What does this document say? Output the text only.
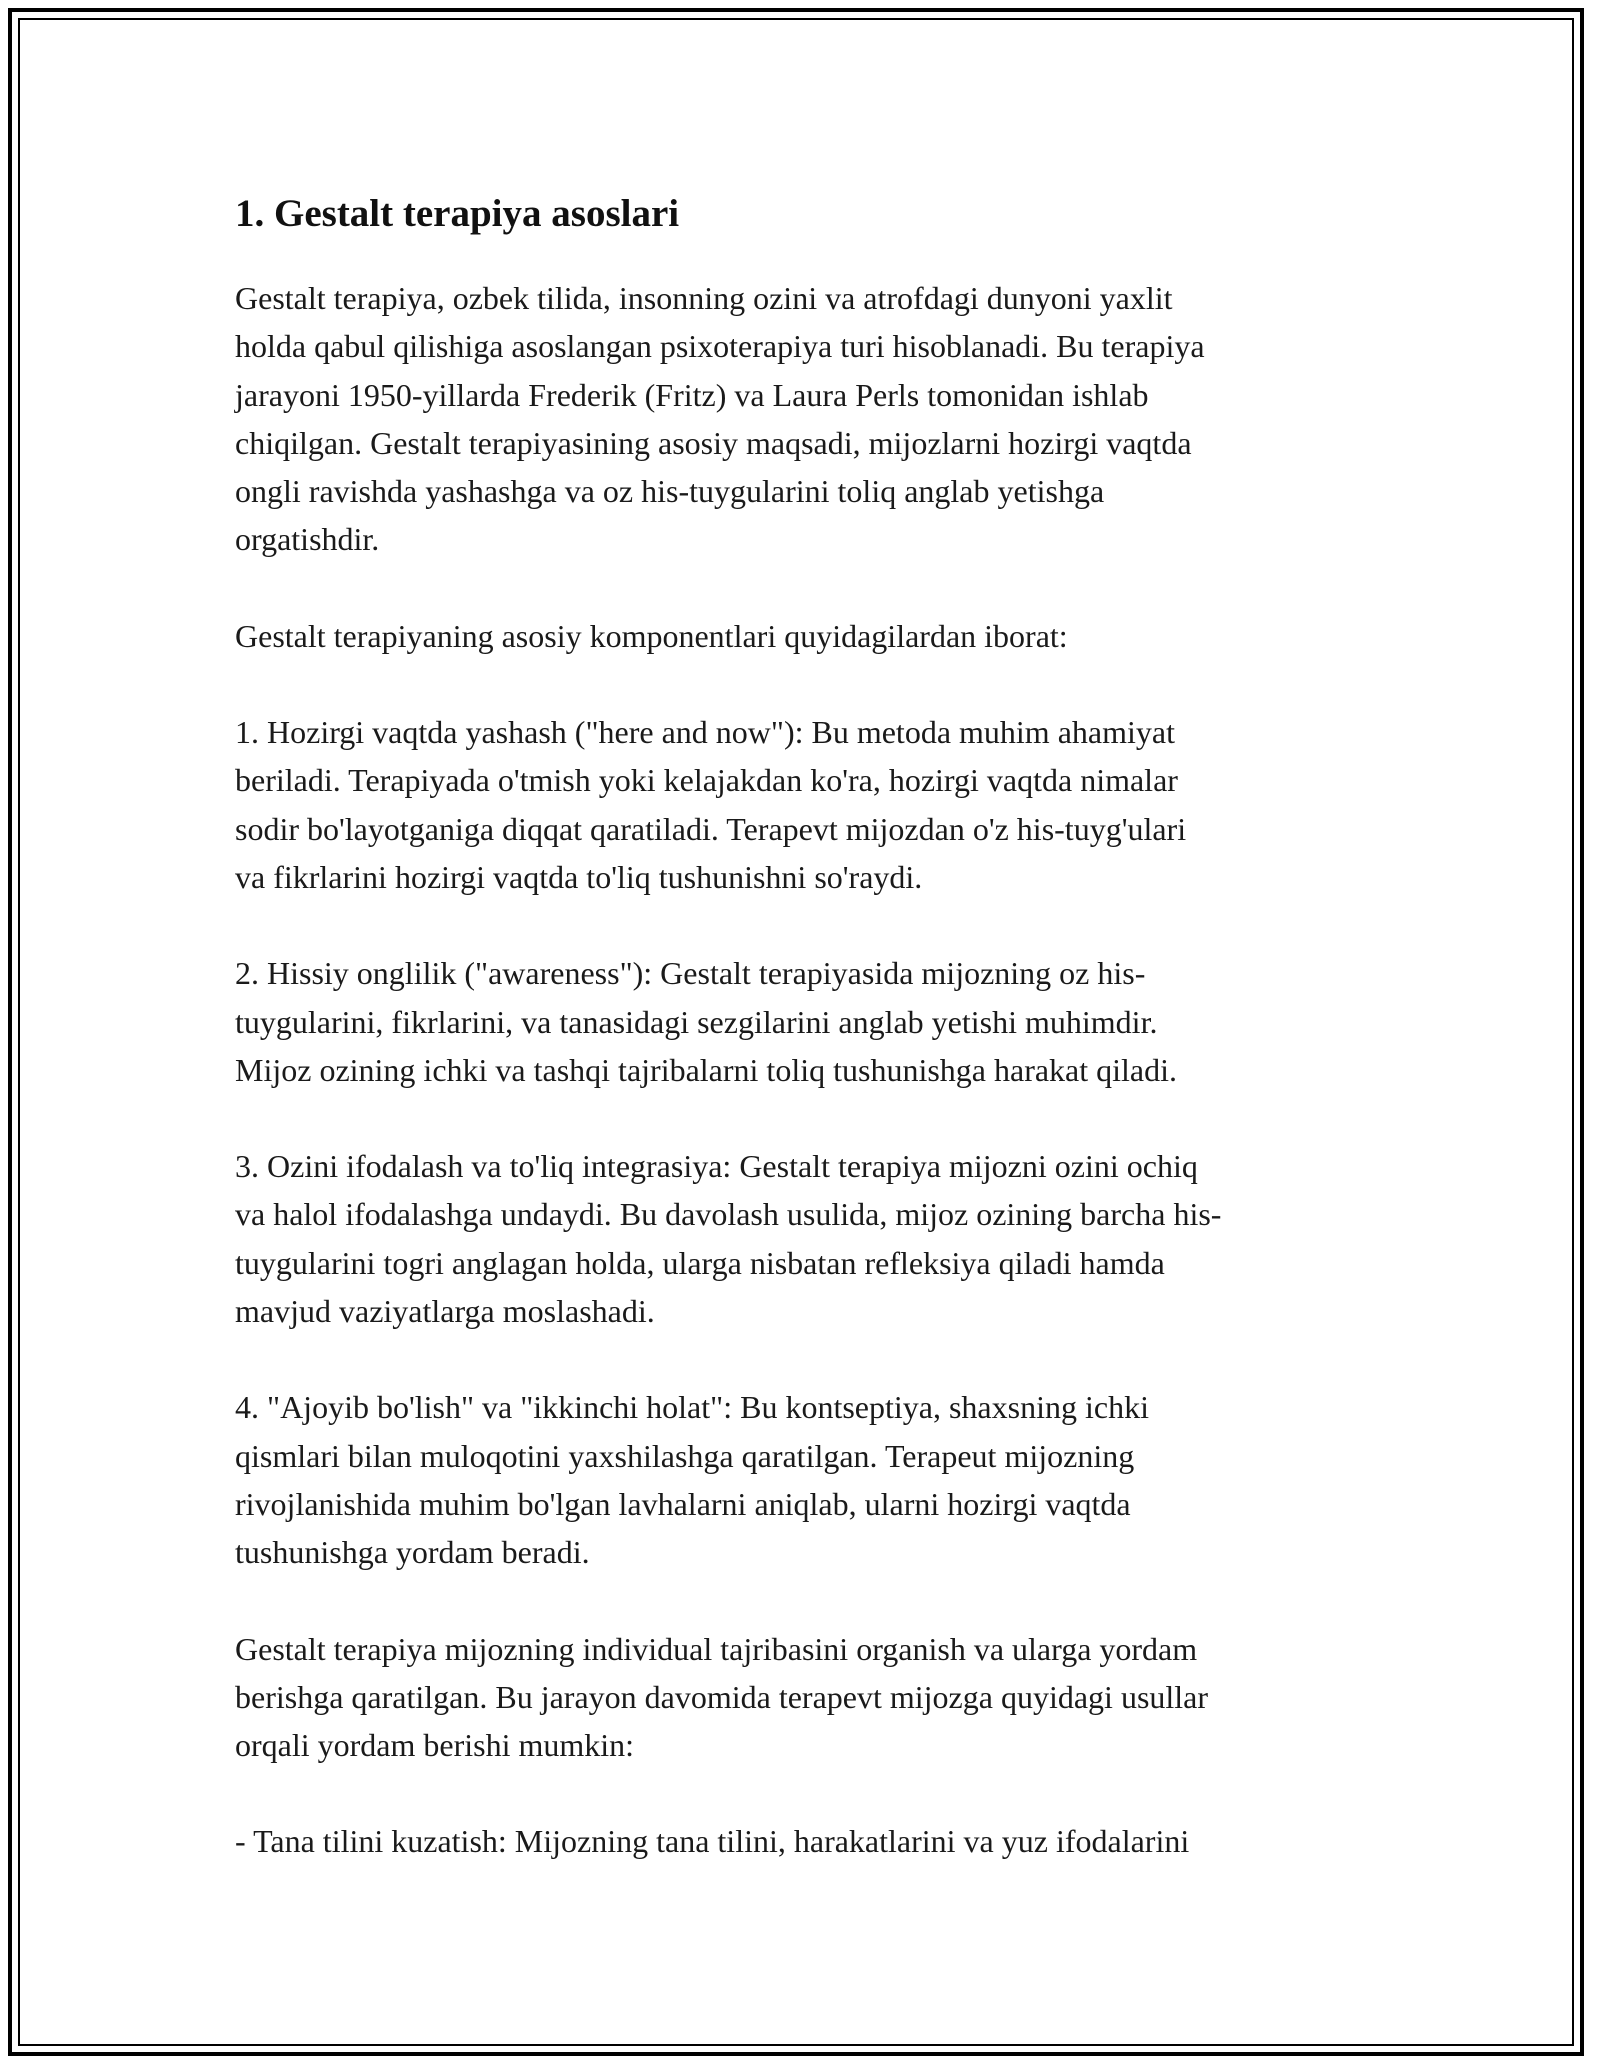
1. Gestalt terapiya asoslari

Gestalt terapiya, ozbek tilida, insonning ozini va atrofdagi dunyoni yaxlit
holda qabul qilishiga asoslangan psixoterapiya turi hisoblanadi. Bu terapiya
jarayoni 1950-yillarda Frederik (Fritz) va Laura Perls tomonidan ishlab
chiqilgan. Gestalt terapiyasining asosiy maqsadi, mijozlarni hozirgi vaqtda
ongli ravishda yashashga va oz his-tuygularini toliq anglab yetishga
orgatishdir.

Gestalt terapiyaning asosiy komponentlari quyidagilardan iborat:

1. Hozirgi vaqtda yashash ("here and now"): Bu metoda muhim ahamiyat
beriladi. Terapiyada o'tmish yoki kelajakdan ko'ra, hozirgi vaqtda nimalar
sodir bo'layotganiga diqqat qaratiladi. Terapevt mijozdan o'z his-tuyg'ulari
va fikrlarini hozirgi vaqtda to'liq tushunishni so'raydi.

2. Hissiy onglilik ("awareness"): Gestalt terapiyasida mijozning oz his-
tuygularini, fikrlarini, va tanasidagi sezgilarini anglab yetishi muhimdir.
Mijoz ozining ichki va tashqi tajribalarni toliq tushunishga harakat qiladi.

3. Ozini ifodalash va to'liq integrasiya: Gestalt terapiya mijozni ozini ochiq
va halol ifodalashga undaydi. Bu davolash usulida, mijoz ozining barcha his-
tuygularini togri anglagan holda, ularga nisbatan refleksiya qiladi hamda
mavjud vaziyatlarga moslashadi.

4. "Ajoyib bo'lish" va "ikkinchi holat": Bu kontseptiya, shaxsning ichki
qismlari bilan muloqotini yaxshilashga qaratilgan. Terapeut mijozning
rivojlanishida muhim bo'lgan lavhalarni aniqlab, ularni hozirgi vaqtda
tushunishga yordam beradi.

Gestalt terapiya mijozning individual tajribasini organish va ularga yordam
berishga qaratilgan. Bu jarayon davomida terapevt mijozga quyidagi usullar
orqali yordam berishi mumkin:

- Tana tilini kuzatish: Mijozning tana tilini, harakatlarini va yuz ifodalarini
